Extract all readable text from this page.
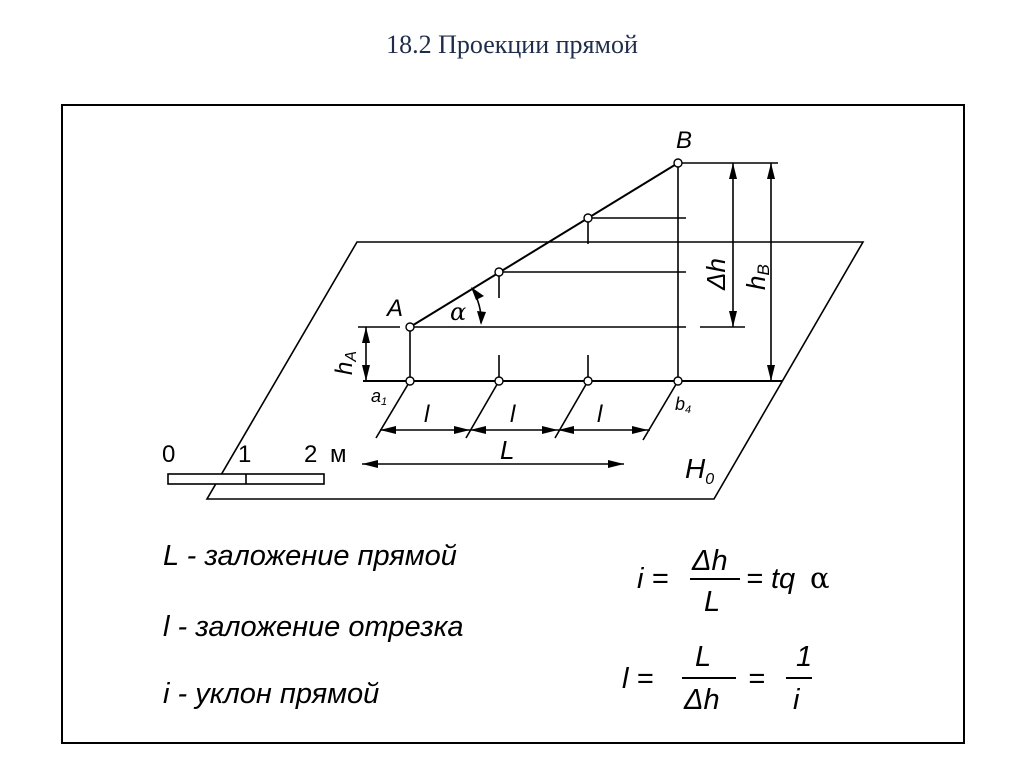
18.2 Проекции прямой
0	1 2 м
A
B
a1	b4
α
hA
Δh hB
l	l	l
L
$H_0$
L - заложение прямой
l - заложение отрезка
i - уклон прямой
i =
Δh
L
= tq α
l =
L
Δh
=
1
i
